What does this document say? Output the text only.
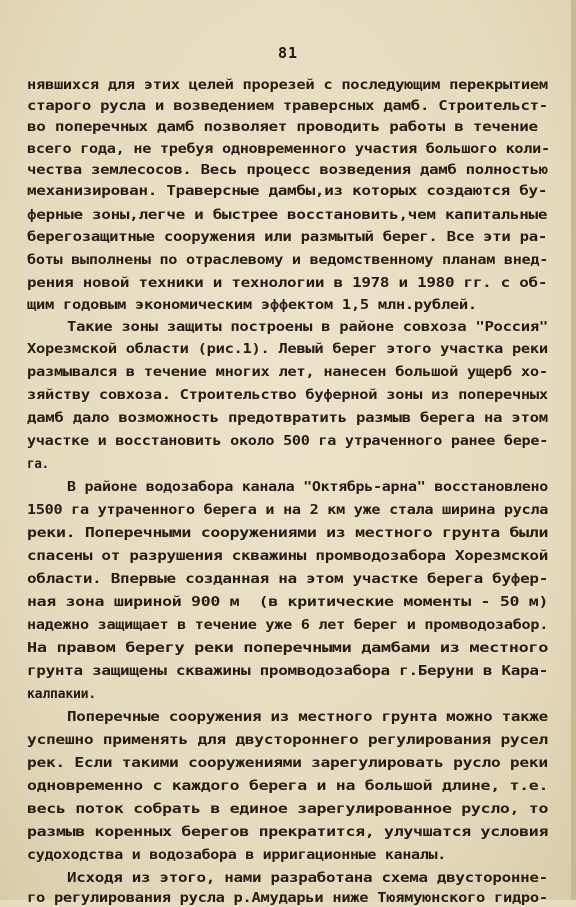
81
нявшихся для этих целей прорезей с последующим перекрытием
старого русла и возведением траверсных дамб. Строительст-
во поперечных дамб позволяет проводить работы в течение
всего года, не требуя одновременного участия большого коли-
чества землесосов. Весь процесс возведения дамб полностью
механизирован. Траверсные дамбы,из которых создаются бу-
ферные зоны,легче и быстрее восстановить,чем капитальные
берегозащитные сооружения или размытый берег. Все эти ра-
боты выполнены по отраслевому и ведомственному планам внед-
рения новой техники и технологии в 1978 и 1980 гг. с об-
щим годовым экономическим эффектом 1,5 млн.рублей.
Такие зоны защиты построены в районе совхоза "Россия"
Хорезмской области (рис.1). Левый берег этого участка реки
размывался в течение многих лет, нанесен большой ущерб хо-
зяйству совхоза. Строительство буферной зоны из поперечных
дамб дало возможность предотвратить размыв берега на этом
участке и восстановить около 500 га утраченного ранее бере-
га.
В районе водозабора канала "Октябрь-арна" восстановлено
1500 га утраченного берега и на 2 км уже стала ширина русла
реки. Поперечными сооружениями из местного грунта были
спасены от разрушения скважины промводозабора Хорезмской
области. Впервые созданная на этом участке берега буфер-
ная зона шириной 900 м  (в критические моменты - 50 м)
надежно защищает в течение уже 6 лет берег и промводозабор.
На правом берегу реки поперечными дамбами из местного
грунта защищены скважины промводозабора г.Беруни в Кара-
калпакии.
Поперечные сооружения из местного грунта можно также
успешно применять для двустороннего регулирования русел
рек. Если такими сооружениями зарегулировать русло реки
одновременно с каждого берега и на большой длине, т.е.
весь поток собрать в единое зарегулированное русло, то
размыв коренных берегов прекратится, улучшатся условия
судоходства и водозабора в ирригационные каналы.
Исходя из этого, нами разработана схема двусторонне-
го регулирования русла р.Амударьи ниже Тюямуюнского гидро-
